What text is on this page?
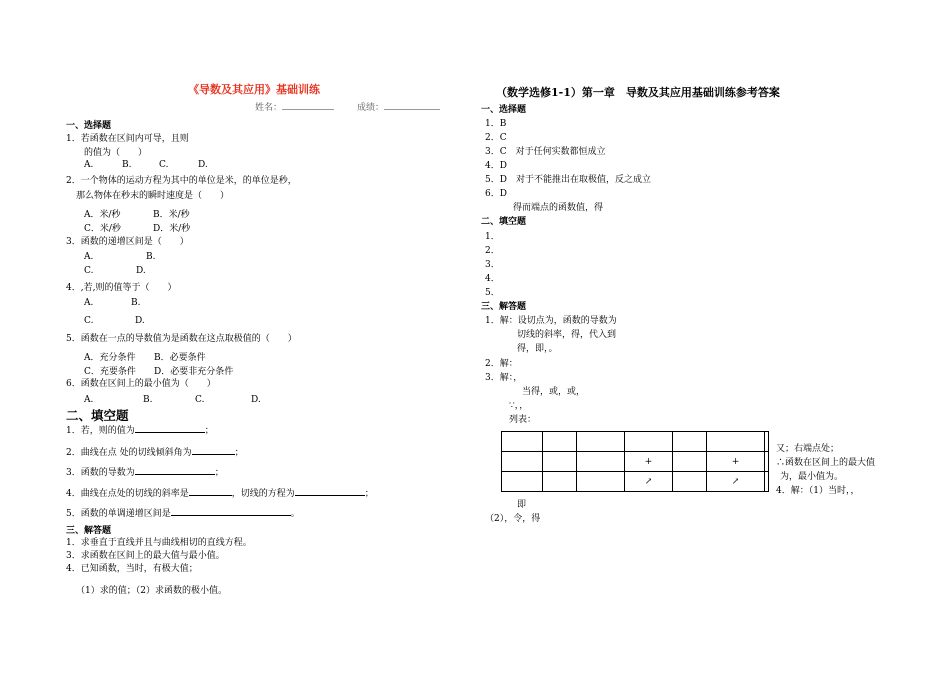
《导数及其应用》基础训练
姓名：	成绩：
一、选择题
1．若函数在区间内可导，且则
的值为（　　）
A.	B.	C.	D.
2．一个物体的运动方程为其中的单位是米，的单位是秒，
那么物体在秒末的瞬时速度是（　　）
A．米/秒	B．米/秒
C．米/秒	D．米/秒
3．函数的递增区间是（　　）
A.	B.
C.	D.
4．,若,则的值等于（　　）
A.	B.
C.	D.
5．函数在一点的导数值为是函数在这点取极值的（　　）
A．充分条件 B．必要条件
C．充要条件 D．必要非充分条件
6．函数在区间上的最小值为（　　）
A.	B.	C.	D.
二、填空题
1．若，则的值为	；
2．曲线在点 处的切线倾斜角为	；
3．函数的导数为	；
4．曲线在点处的切线的斜率是	，切线的方程为	；
5．函数的单调递增区间是	。
三、解答题
1．求垂直于直线并且与曲线相切的直线方程。
3．求函数在区间上的最大值与最小值。
4．已知函数，当时，有极大值；
（1）求的值；（2）求函数的极小值。
（数学选修1-1）第一章　导数及其应用基础训练参考答案
一、选择题
1．B
2．C
3．C　对于任何实数都恒成立
4．D
5．D　对于不能推出在取极值，反之成立
6．D
得而端点的函数值，得
二、填空题
1．
2．
3．
4．
5．
三、解答题
1．解：设切点为，函数的导数为
切线的斜率，得，代入到
得，即，。
2．解：
3．解：，
当得，或，或，
∵，，
列表：

			+		+	
			↗		↗	
又；右端点处；
∴函数在区间上的最大值
为，最小值为。
4．解：（1）当时，，
即
（2），令，得
